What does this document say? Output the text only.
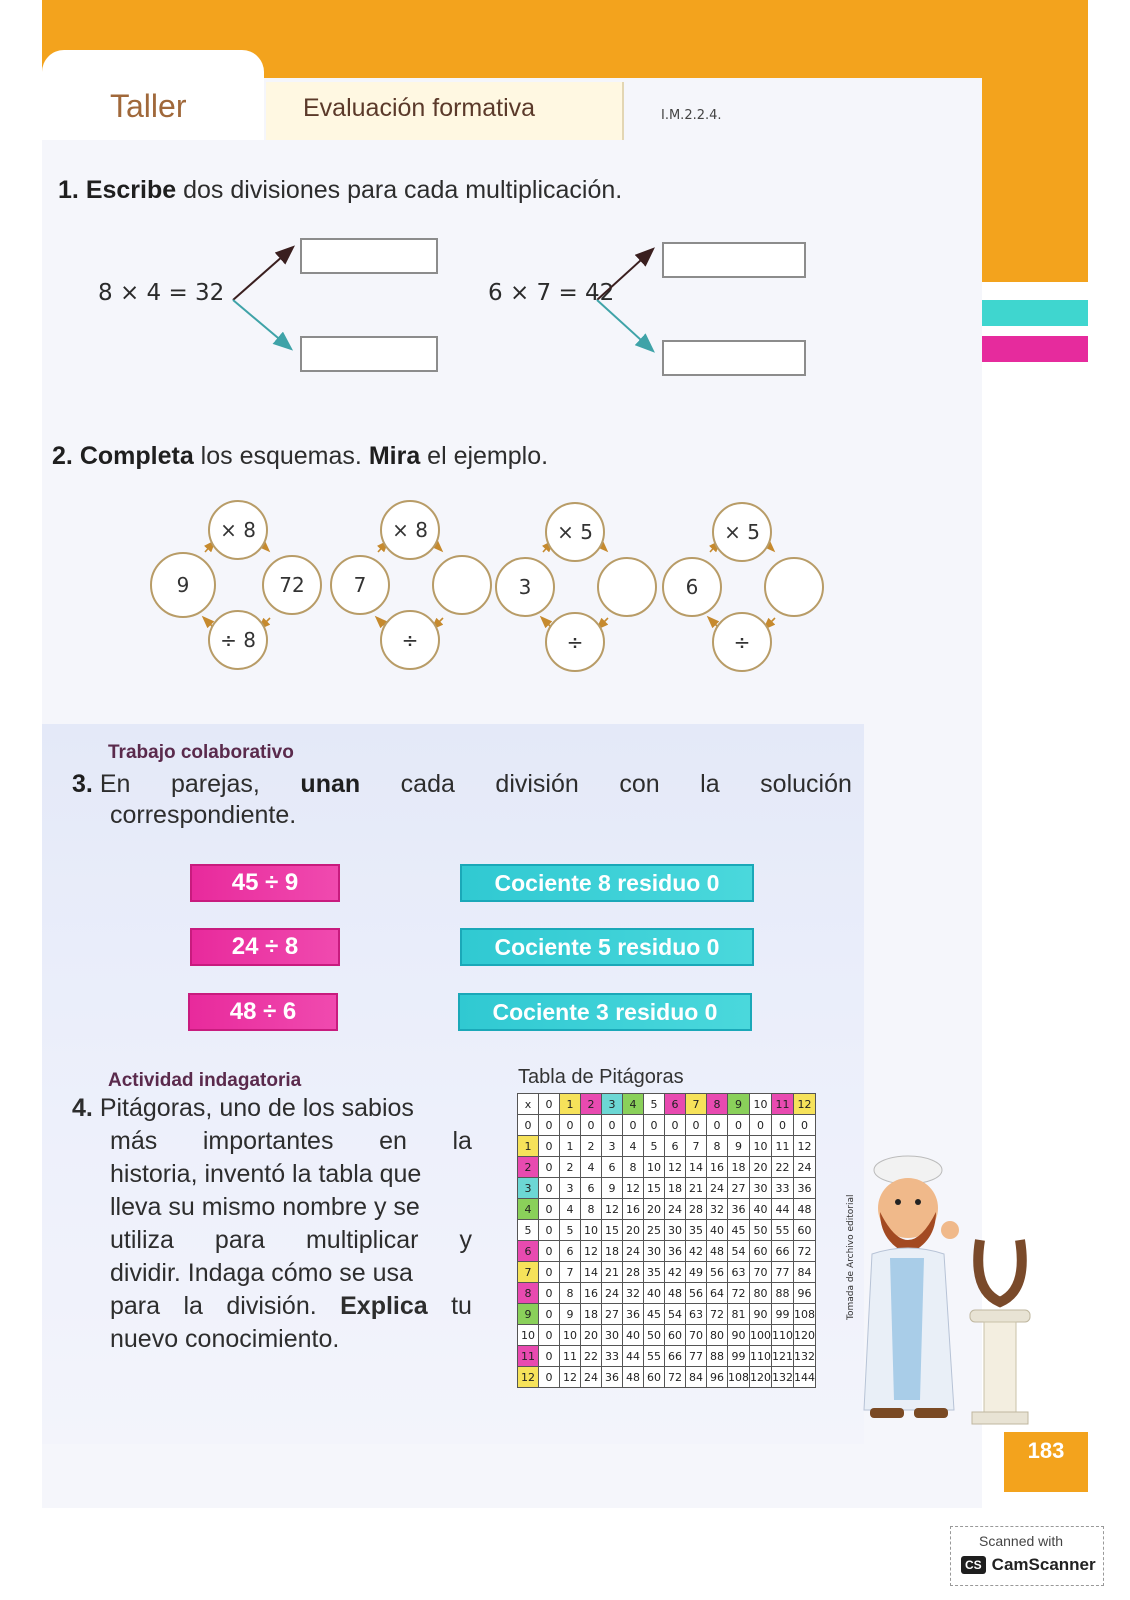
Taller	Evaluación formativa	I.M.2.2.4.
1. Escribe dos divisiones para cada multiplicación.
8 × 4 = 32	6 × 7 = 42
2. Completa los esquemas. Mira el ejemplo.
× 8
9	72
÷ 8
× 8
7
÷
× 5
3
÷
× 5
6
÷
Trabajo colaborativo
3. En parejas, unan cada división con la solución
correspondiente.
45 ÷ 9
24 ÷ 8
48 ÷ 6
Cociente 8 residuo 0
Cociente 5 residuo 0
Cociente 3 residuo 0
Actividad indagatoria
4. Pitágoras, uno de los sabios
más importantes en la
historia, inventó la tabla que
lleva su mismo nombre y se
utiliza para multiplicar y
dividir. Indaga cómo se usa
para la división. Explica tu
nuevo conocimiento.
Tabla de Pitágoras
x	0	1	2	3	4	5	6	7	8	9	10	11	12
0	0	0	0	0	0	0	0	0	0	0	0	0	0
1	0	1	2	3	4	5	6	7	8	9	10	11	12
2	0	2	4	6	8	10	12	14	16	18	20	22	24
3	0	3	6	9	12	15	18	21	24	27	30	33	36
4	0	4	8	12	16	20	24	28	32	36	40	44	48
5	0	5	10	15	20	25	30	35	40	45	50	55	60
6	0	6	12	18	24	30	36	42	48	54	60	66	72
7	0	7	14	21	28	35	42	49	56	63	70	77	84
8	0	8	16	24	32	40	48	56	64	72	80	88	96
9	0	9	18	27	36	45	54	63	72	81	90	99	108
10	0	10	20	30	40	50	60	70	80	90	100	110	120
11	0	11	22	33	44	55	66	77	88	99	110	121	132
12	0	12	24	36	48	60	72	84	96	108	120	132	144
Tomada de Archivo editorial
183
Scanned with
CS CamScanner
